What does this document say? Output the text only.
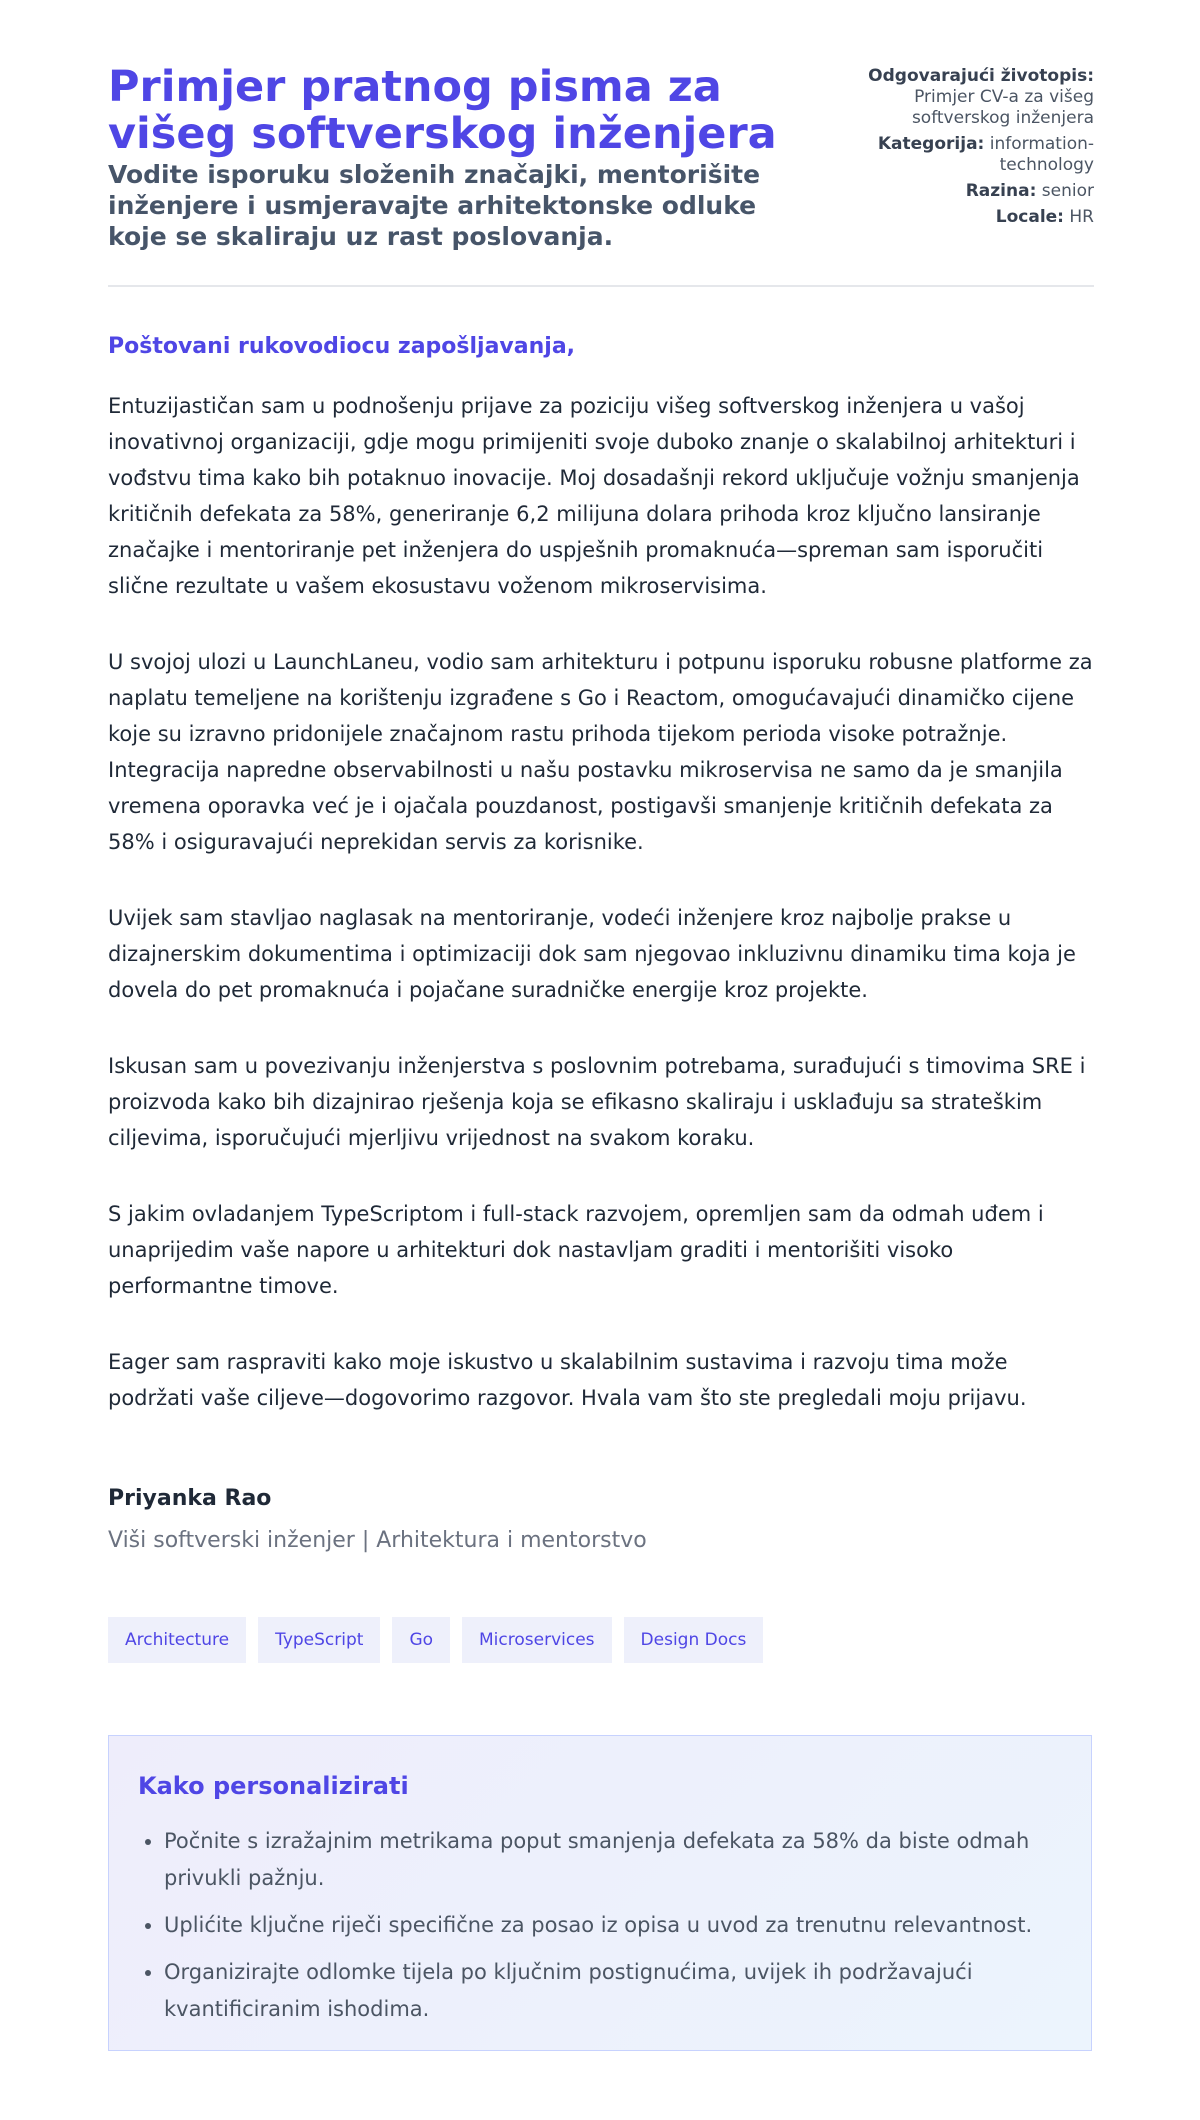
Primjer pratnog pisma za višeg softverskog inženjera
Vodite isporuku složenih značajki, mentorišite inženjere i usmjeravajte arhitektonske odluke koje se skaliraju uz rast poslovanja.
Odgovarajući životopis: Primjer CV-a za višeg softverskog inženjera
Kategorija: information-technology
Razina: senior
Locale: HR

Poštovani rukovodiocu zapošljavanja,

Entuzijastičan sam u podnošenju prijave za poziciju višeg softverskog inženjera u vašoj inovativnoj organizaciji, gdje mogu primijeniti svoje duboko znanje o skalabilnoj arhitekturi i vođstvu tima kako bih potaknuo inovacije. Moj dosadašnji rekord uključuje vožnju smanjenja kritičnih defekata za 58%, generiranje 6,2 milijuna dolara prihoda kroz ključno lansiranje značajke i mentoriranje pet inženjera do uspješnih promaknuća—spreman sam isporučiti slične rezultate u vašem ekosustavu voženom mikroservisima.

U svojoj ulozi u LaunchLaneu, vodio sam arhitekturu i potpunu isporuku robusne platforme za naplatu temeljene na korištenju izgrađene s Go i Reactom, omogućavajući dinamičko cijene koje su izravno pridonijele značajnom rastu prihoda tijekom perioda visoke potražnje. Integracija napredne observabilnosti u našu postavku mikroservisa ne samo da je smanjila vremena oporavka već je i ojačala pouzdanost, postigavši smanjenje kritičnih defekata za 58% i osiguravajući neprekidan servis za korisnike.

Uvijek sam stavljao naglasak na mentoriranje, vodeći inženjere kroz najbolje prakse u dizajnerskim dokumentima i optimizaciji dok sam njegovao inkluzivnu dinamiku tima koja je dovela do pet promaknuća i pojačane suradničke energije kroz projekte.

Iskusan sam u povezivanju inženjerstva s poslovnim potrebama, surađujući s timovima SRE i proizvoda kako bih dizajnirao rješenja koja se efikasno skaliraju i usklađuju sa strateškim ciljevima, isporučujući mjerljivu vrijednost na svakom koraku.

S jakim ovladanjem TypeScriptom i full-stack razvojem, opremljen sam da odmah uđem i unaprijedim vaše napore u arhitekturi dok nastavljam graditi i mentorišiti visoko performantne timove.

Eager sam raspraviti kako moje iskustvo u skalabilnim sustavima i razvoju tima može podržati vaše ciljeve—dogovorimo razgovor. Hvala vam što ste pregledali moju prijavu.

Priyanka Rao
Viši softverski inženjer | Arhitektura i mentorstvo
Architecture	TypeScript	Go	Microservices	Design Docs
Kako personalizirati
• Počnite s izražajnim metrikama poput smanjenja defekata za 58% da biste odmah privukli pažnju.
• Uplićite ključne riječi specifične za posao iz opisa u uvod za trenutnu relevantnost.
• Organizirajte odlomke tijela po ključnim postignućima, uvijek ih podržavajući kvantificiranim ishodima.
